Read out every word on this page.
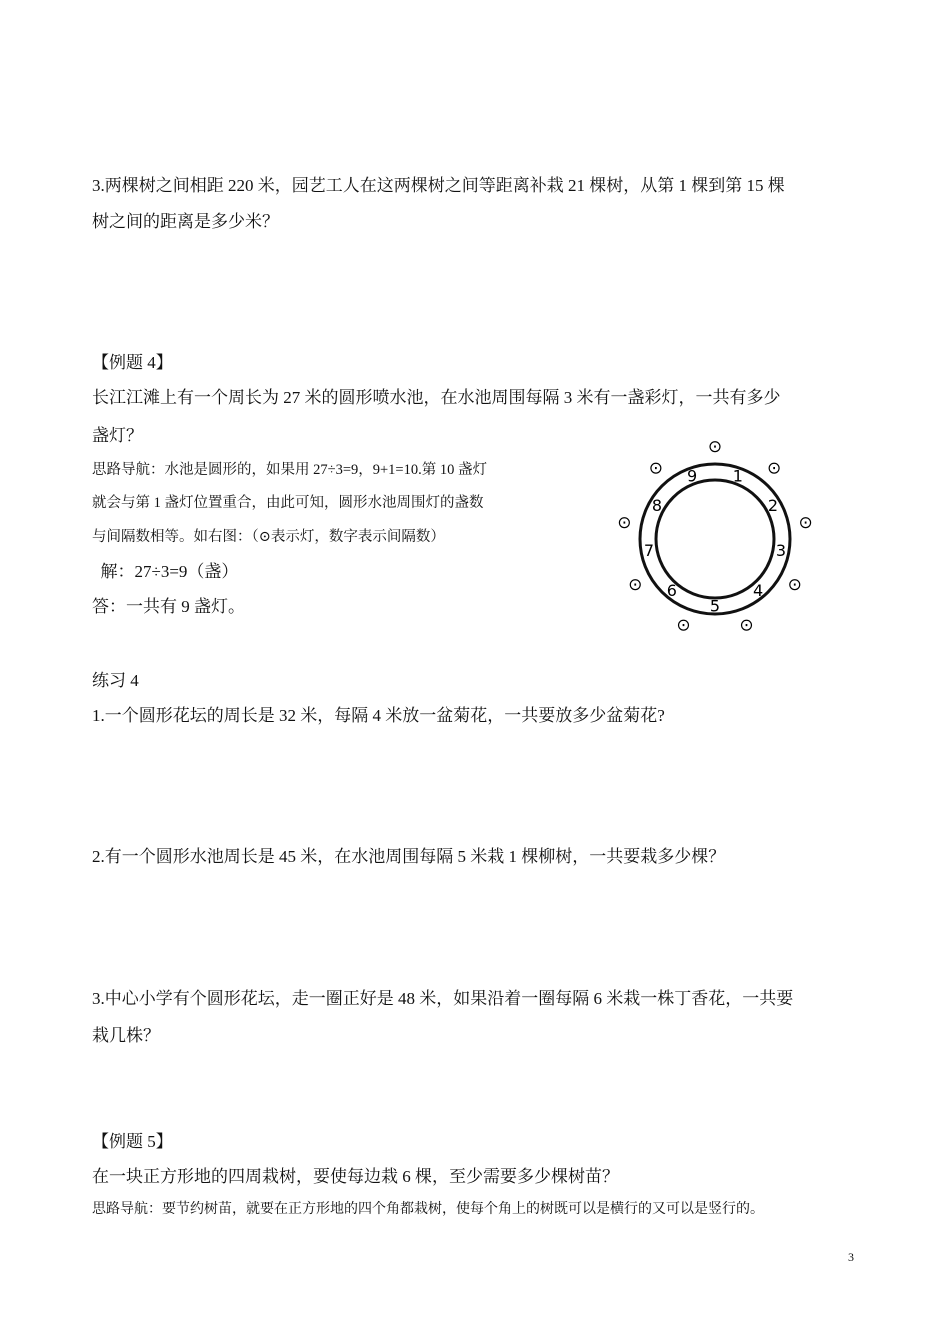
3.两棵树之间相距 220 米，园艺工人在这两棵树之间等距离补栽 21 棵树，从第 1 棵到第 15 棵

树之间的距离是多少米？

【例题 4】

长江江滩上有一个周长为 27 米的圆形喷水池，在水池周围每隔 3 米有一盏彩灯，一共有多少

盏灯？

思路导航：水池是圆形的，如果用 27÷3=9，9+1=10.第 10 盏灯

就会与第 1 盏灯位置重合，由此可知，圆形水池周围灯的盏数

与间隔数相等。如右图：（⊙表示灯，数字表示间隔数）

解：27÷3=9（盏）

答：一共有 9 盏灯。

⊙
⊙
⊙
⊙
⊙
⊙
⊙
⊙
⊙	1
2
3
4
5
6
7
8
9

练习 4

1.一个圆形花坛的周长是 32 米，每隔 4 米放一盆菊花，一共要放多少盆菊花?

2.有一个圆形水池周长是 45 米，在水池周围每隔 5 米栽 1 棵柳树，一共要栽多少棵？

3.中心小学有个圆形花坛，走一圈正好是 48 米，如果沿着一圈每隔 6 米栽一株丁香花，一共要

栽几株？

【例题 5】

在一块正方形地的四周栽树，要使每边栽 6 棵，至少需要多少棵树苗？

思路导航：要节约树苗，就要在正方形地的四个角都栽树，使每个角上的树既可以是横行的又可以是竖行的。

3
